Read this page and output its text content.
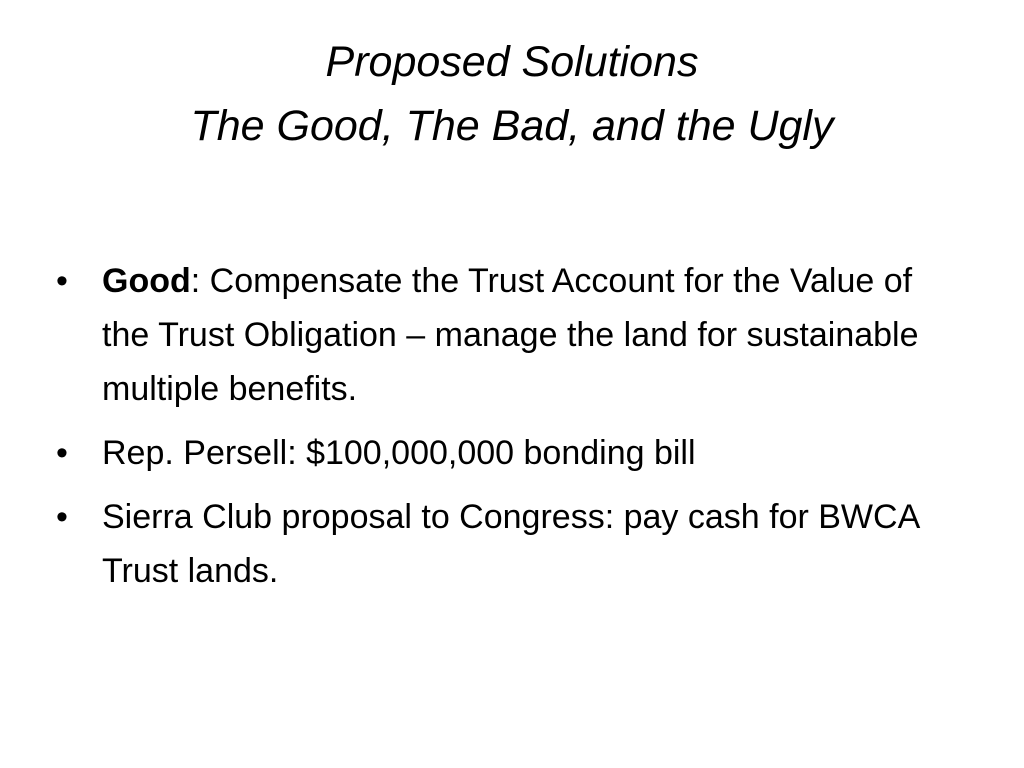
Proposed Solutions
The Good, The Bad, and the Ugly
•	Good: Compensate the Trust Account for the Value of the Trust Obligation – manage the land for sustainable multiple benefits.
•	Rep. Persell: $100,000,000 bonding bill
•	Sierra Club proposal to Congress: pay cash for BWCA Trust lands.
